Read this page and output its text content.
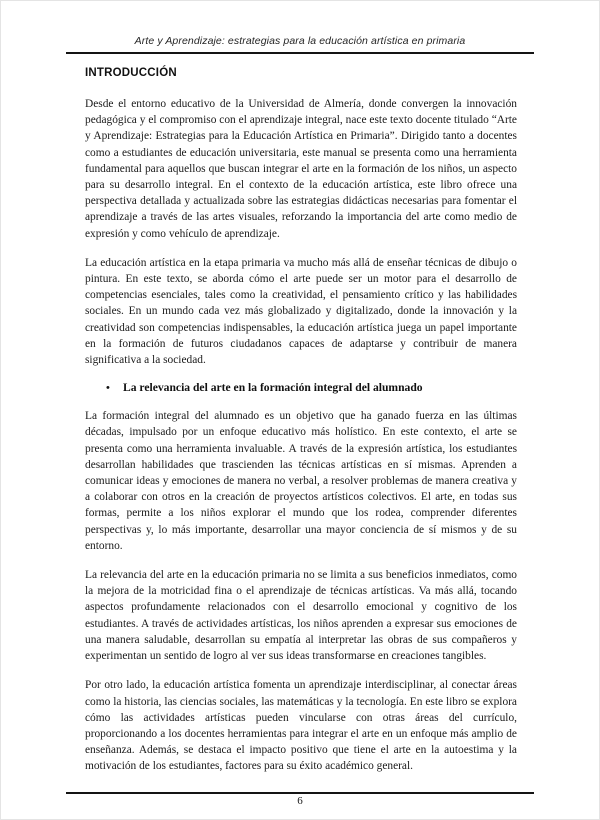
Arte y Aprendizaje: estrategias para la educación artística en primaria
INTRODUCCIÓN

Desde el entorno educativo de la Universidad de Almería, donde convergen la innovación pedagógica y el compromiso con el aprendizaje integral, nace este texto docente titulado “Arte y Aprendizaje: Estrategias para la Educación Artística en Primaria”. Dirigido tanto a docentes como a estudiantes de educación universitaria, este manual se presenta como una herramienta fundamental para aquellos que buscan integrar el arte en la formación de los niños, un aspecto para su desarrollo integral. En el contexto de la educación artística, este libro ofrece una perspectiva detallada y actualizada sobre las estrategias didácticas necesarias para fomentar el aprendizaje a través de las artes visuales, reforzando la importancia del arte como medio de expresión y como vehículo de aprendizaje.

La educación artística en la etapa primaria va mucho más allá de enseñar técnicas de dibujo o pintura. En este texto, se aborda cómo el arte puede ser un motor para el desarrollo de competencias esenciales, tales como la creatividad, el pensamiento crítico y las habilidades sociales. En un mundo cada vez más globalizado y digitalizado, donde la innovación y la creatividad son competencias indispensables, la educación artística juega un papel importante en la formación de futuros ciudadanos capaces de adaptarse y contribuir de manera significativa a la sociedad.

•	La relevancia del arte en la formación integral del alumnado

La formación integral del alumnado es un objetivo que ha ganado fuerza en las últimas décadas, impulsado por un enfoque educativo más holístico. En este contexto, el arte se presenta como una herramienta invaluable. A través de la expresión artística, los estudiantes desarrollan habilidades que trascienden las técnicas artísticas en sí mismas. Aprenden a comunicar ideas y emociones de manera no verbal, a resolver problemas de manera creativa y a colaborar con otros en la creación de proyectos artísticos colectivos. El arte, en todas sus formas, permite a los niños explorar el mundo que los rodea, comprender diferentes perspectivas y, lo más importante, desarrollar una mayor conciencia de sí mismos y de su entorno.

La relevancia del arte en la educación primaria no se limita a sus beneficios inmediatos, como la mejora de la motricidad fina o el aprendizaje de técnicas artísticas. Va más allá, tocando aspectos profundamente relacionados con el desarrollo emocional y cognitivo de los estudiantes. A través de actividades artísticas, los niños aprenden a expresar sus emociones de una manera saludable, desarrollan su empatía al interpretar las obras de sus compañeros y experimentan un sentido de logro al ver sus ideas transformarse en creaciones tangibles.

Por otro lado, la educación artística fomenta un aprendizaje interdisciplinar, al conectar áreas como la historia, las ciencias sociales, las matemáticas y la tecnología. En este libro se explora cómo las actividades artísticas pueden vincularse con otras áreas del currículo, proporcionando a los docentes herramientas para integrar el arte en un enfoque más amplio de enseñanza. Además, se destaca el impacto positivo que tiene el arte en la autoestima y la motivación de los estudiantes, factores para su éxito académico general.

6
